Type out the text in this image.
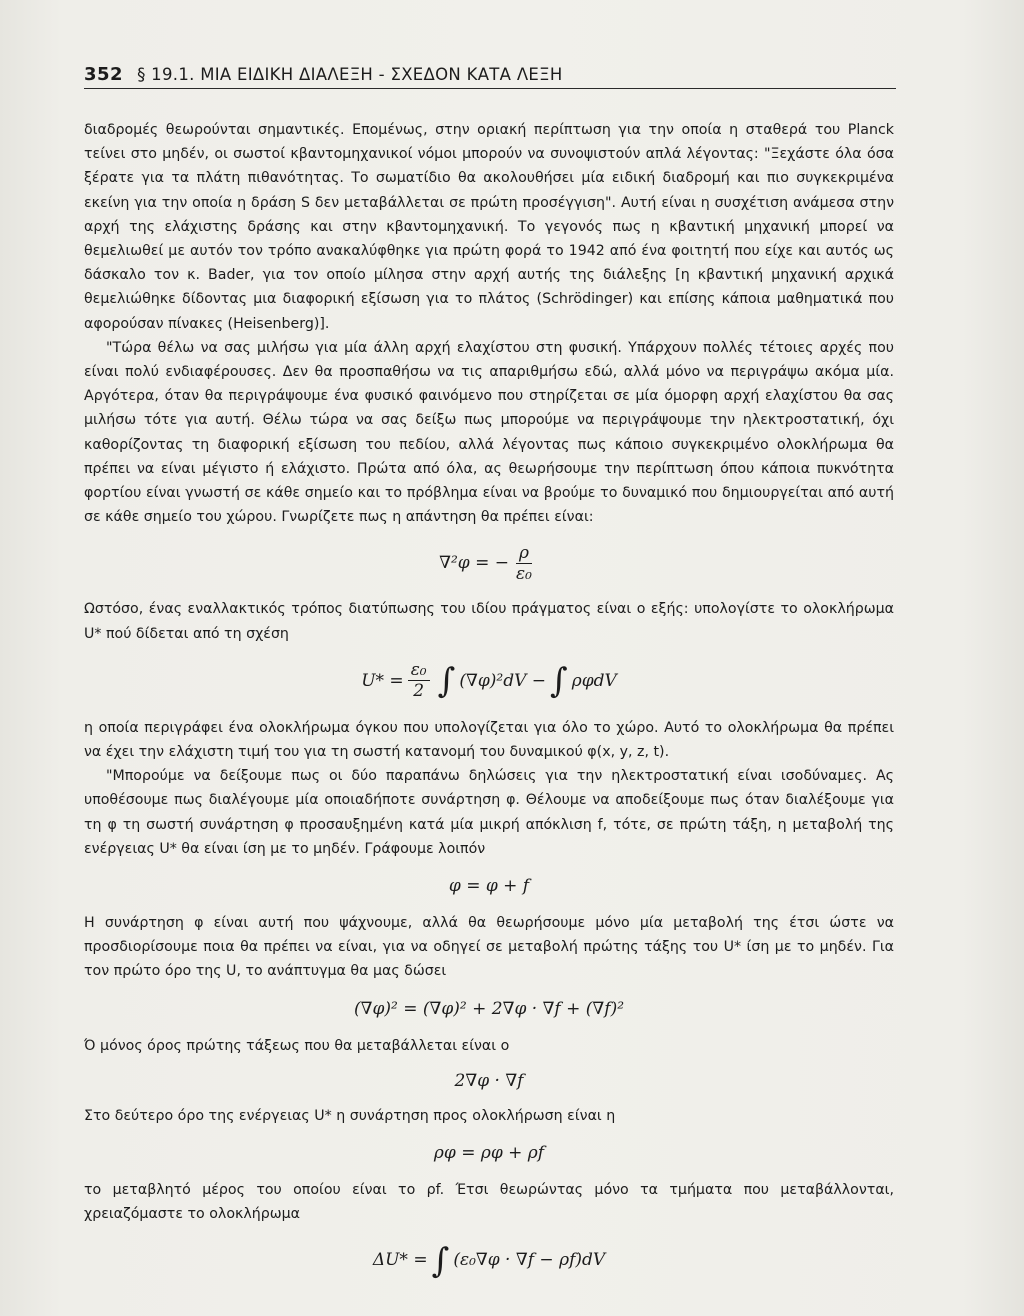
352 § 19.1. ΜΙΑ ΕΙΔΙΚΗ ΔΙΑΛΕΞΗ - ΣΧΕΔΟΝ ΚΑΤΑ ΛΕΞΗ

διαδρομές θεωρούνται σημαντικές. Επομένως, στην οριακή περίπτωση για την οποία η σταθερά του Planck τείνει στο μηδέν, οι σωστοί κβαντομηχανικοί νόμοι μπορούν να συνοψιστούν απλά λέγοντας: "Ξεχάστε όλα όσα ξέρατε για τα πλάτη πιθανότητας. Το σωματίδιο θα ακολουθήσει μία ειδική διαδρομή και πιο συγκεκριμένα εκείνη για την οποία η δράση S δεν μεταβάλλεται σε πρώτη προσέγγιση". Αυτή είναι η συσχέτιση ανάμεσα στην αρχή της ελάχιστης δράσης και στην κβαντομηχανική. Το γεγονός πως η κβαντική μηχανική μπορεί να θεμελιωθεί με αυτόν τον τρόπο ανακαλύφθηκε για πρώτη φορά το 1942 από ένα φοιτητή που είχε και αυτός ως δάσκαλο τον κ. Bader, για τον οποίο μίλησα στην αρχή αυτής της διάλεξης [η κβαντική μηχανική αρχικά θεμελιώθηκε δίδοντας μια διαφορική εξίσωση για το πλάτος (Schrödinger) και επίσης κάποια μαθηματικά που αφορούσαν πίνακες (Heisenberg)].

"Τώρα θέλω να σας μιλήσω για μία άλλη αρχή ελαχίστου στη φυσική. Υπάρχουν πολλές τέτοιες αρχές που είναι πολύ ενδιαφέρουσες. Δεν θα προσπαθήσω να τις απαριθμήσω εδώ, αλλά μόνο να περιγράψω ακόμα μία. Αργότερα, όταν θα περιγράψουμε ένα φυσικό φαινόμενο που στηρίζεται σε μία όμορφη αρχή ελαχίστου θα σας μιλήσω τότε για αυτή. Θέλω τώρα να σας δείξω πως μπορούμε να περιγράψουμε την ηλεκτροστατική, όχι καθορίζοντας τη διαφορική εξίσωση του πεδίου, αλλά λέγοντας πως κάποιο συγκεκριμένο ολοκλήρωμα θα πρέπει να είναι μέγιστο ή ελάχιστο. Πρώτα από όλα, ας θεωρήσουμε την περίπτωση όπου κάποια πυκνότητα φορτίου είναι γνωστή σε κάθε σημείο και το πρόβλημα είναι να βρούμε το δυναμικό που δημιουργείται από αυτή σε κάθε σημείο του χώρου. Γνωρίζετε πως η απάντηση θα πρέπει είναι:

∇²φ = − $\frac{\rho}{\text{ε₀}}$

Ωστόσο, ένας εναλλακτικός τρόπος διατύπωσης του ιδίου πράγματος είναι ο εξής: υπολογίστε το ολοκλήρωμα U* πού δίδεται από τη σχέση

$U* = \frac{\text{ε₀}}{2}$ ∫ (∇φ)²dV − ∫ ρφdV

η οποία περιγράφει ένα ολοκλήρωμα όγκου που υπολογίζεται για όλο το χώρο. Αυτό το ολοκλήρωμα θα πρέπει να έχει την ελάχιστη τιμή του για τη σωστή κατανομή του δυναμικού φ(x, y, z, t).

"Μπορούμε να δείξουμε πως οι δύο παραπάνω δηλώσεις για την ηλεκτροστατική είναι ισοδύναμες. Ας υποθέσουμε πως διαλέγουμε μία οποιαδήποτε συνάρτηση φ. Θέλουμε να αποδείξουμε πως όταν διαλέξουμε για τη φ τη σωστή συνάρτηση φ προσαυξημένη κατά μία μικρή απόκλιση f, τότε, σε πρώτη τάξη, η μεταβολή της ενέργειας U* θα είναι ίση με το μηδέν. Γράφουμε λοιπόν

φ = φ + f

Η συνάρτηση φ είναι αυτή που ψάχνουμε, αλλά θα θεωρήσουμε μόνο μία μεταβολή της έτσι ώστε να προσδιορίσουμε ποια θα πρέπει να είναι, για να οδηγεί σε μεταβολή πρώτης τάξης του U* ίση με το μηδέν. Για τον πρώτο όρο της U, το ανάπτυγμα θα μας δώσει

(∇φ)² = (∇φ)² + 2∇φ · ∇f + (∇f)²

Ό μόνος όρος πρώτης τάξεως που θα μεταβάλλεται είναι ο

2∇φ · ∇f

Στο δεύτερο όρο της ενέργειας U* η συνάρτηση προς ολοκλήρωση είναι η

ρφ = ρφ + ρf

το μεταβλητό μέρος του οποίου είναι το ρf. Έτσι θεωρώντας μόνο τα τμήματα που μεταβάλλονται, χρειαζόμαστε το ολοκλήρωμα

ΔU* = ∫ (ε₀∇φ · ∇f − ρf)dV
